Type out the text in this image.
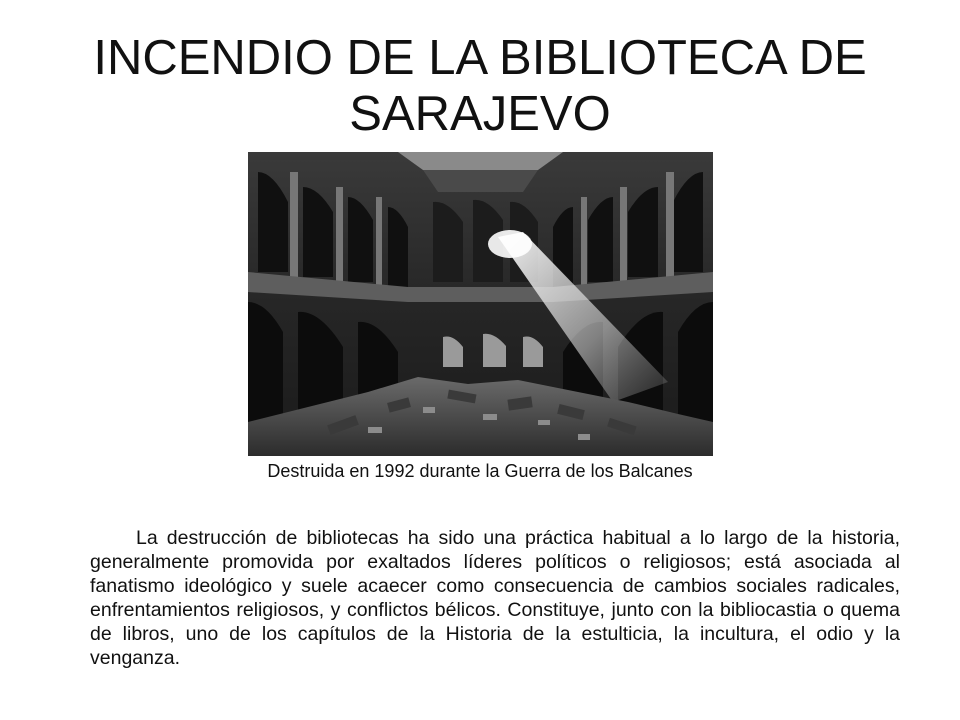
INCENDIO DE LA BIBLIOTECA DE SARAJEVO
Destruida en 1992 durante la Guerra de los Balcanes

La destrucción de bibliotecas ha sido una práctica habitual a lo largo de la historia, generalmente promovida por exaltados líderes políticos o religiosos; está asociada al fanatismo ideológico y suele acaecer como consecuencia de cambios sociales radicales, enfrentamientos religiosos, y conflictos bélicos. Constituye, junto con la bibliocastia o quema de libros, uno de los capítulos de la Historia de la estulticia, la incultura, el odio y la venganza.
